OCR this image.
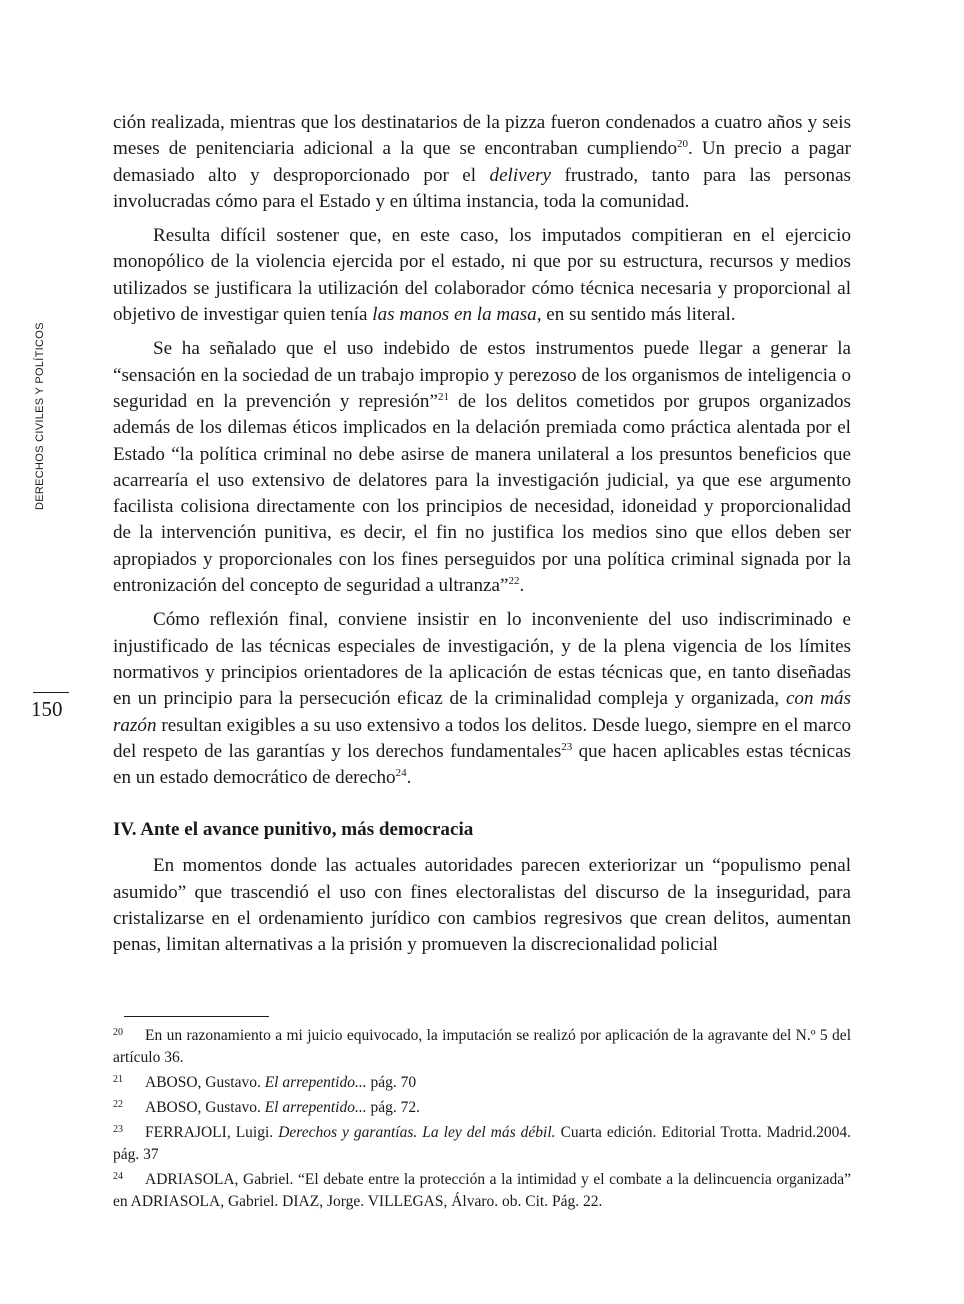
DERECHOS CIVILES Y POLÍTICOS
150

ción realizada, mientras que los destinatarios de la pizza fueron condenados a cuatro años y seis meses de penitenciaria adicional a la que se encontraban cumpliendo$^{20}$. Un precio a pagar demasiado alto y desproporcionado por el delivery frustrado, tanto para las personas involucradas cómo para el Estado y en última instancia, toda la comunidad.

Resulta difícil sostener que, en este caso, los imputados compitieran en el ejercicio monopólico de la violencia ejercida por el estado, ni que por su estructura, recursos y medios utilizados se justificara la utilización del colaborador cómo técnica necesaria y proporcional al objetivo de investigar quien tenía las manos en la masa, en su sentido más literal.

Se ha señalado que el uso indebido de estos instrumentos puede llegar a generar la “sensación en la sociedad de un trabajo impropio y perezoso de los organismos de inteligencia o seguridad en la prevención y represión”$^{21}$ de los delitos cometidos por grupos organizados además de los dilemas éticos implicados en la delación premiada como práctica alentada por el Estado “la política criminal no debe asirse de manera unilateral a los presuntos beneficios que acarrearía el uso extensivo de delatores para la investigación judicial, ya que ese argumento facilista colisiona directamente con los principios de necesidad, idoneidad y proporcionalidad de la intervención punitiva, es decir, el fin no justifica los medios sino que ellos deben ser apropiados y proporcionales con los fines perseguidos por una política criminal signada por la entronización del concepto de seguridad a ultranza”$^{22}$.

Cómo reflexión final, conviene insistir en lo inconveniente del uso indiscriminado e injustificado de las técnicas especiales de investigación, y de la plena vigencia de los límites normativos y principios orientadores de la aplicación de estas técnicas que, en tanto diseñadas en un principio para la persecución eficaz de la criminalidad compleja y organizada, con más razón resultan exigibles a su uso extensivo a todos los delitos. Desde luego, siempre en el marco del respeto de las garantías y los derechos fundamentales$^{23}$ que hacen aplicables estas técnicas en un estado democrático de derecho$^{24}$.

IV. Ante el avance punitivo, más democracia

En momentos donde las actuales autoridades parecen exteriorizar un “populismo penal asumido” que trascendió el uso con fines electoralistas del discurso de la inseguridad, para cristalizarse en el ordenamiento jurídico con cambios regresivos que crean delitos, aumentan penas, limitan alternativas a la prisión y promueven la discrecionalidad policial

20 En un razonamiento a mi juicio equivocado, la imputación se realizó por aplicación de la agravante del N.º 5 del artículo 36.

21 ABOSO, Gustavo. El arrepentido... pág. 70

22 ABOSO, Gustavo. El arrepentido... pág. 72.

23 FERRAJOLI, Luigi. Derechos y garantías. La ley del más débil. Cuarta edición. Editorial Trotta. Madrid.2004. pág. 37

24 ADRIASOLA, Gabriel. “El debate entre la protección a la intimidad y el combate a la delincuencia organizada” en ADRIASOLA, Gabriel. DIAZ, Jorge. VILLEGAS, Álvaro. ob. Cit. Pág. 22.
